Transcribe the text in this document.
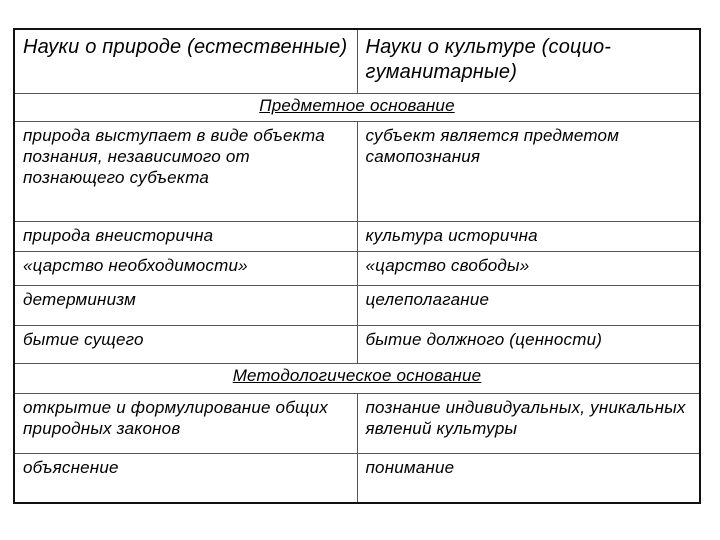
Науки о природе (естественные)	Науки о культуре (социо-гуманитарные)
Предметное основание	
природа выступает в виде объекта познания, независимого от познающего субъекта	субъект является предметом самопознания
природа внеисторична	культура исторична
«царство необходимости»	«царство свободы»
детерминизм	целеполагание
бытие сущего	бытие должного (ценности)
Методологическое основание	
открытие и формулирование общих природных законов	познание индивидуальных, уникальных явлений культуры
объяснение	понимание
